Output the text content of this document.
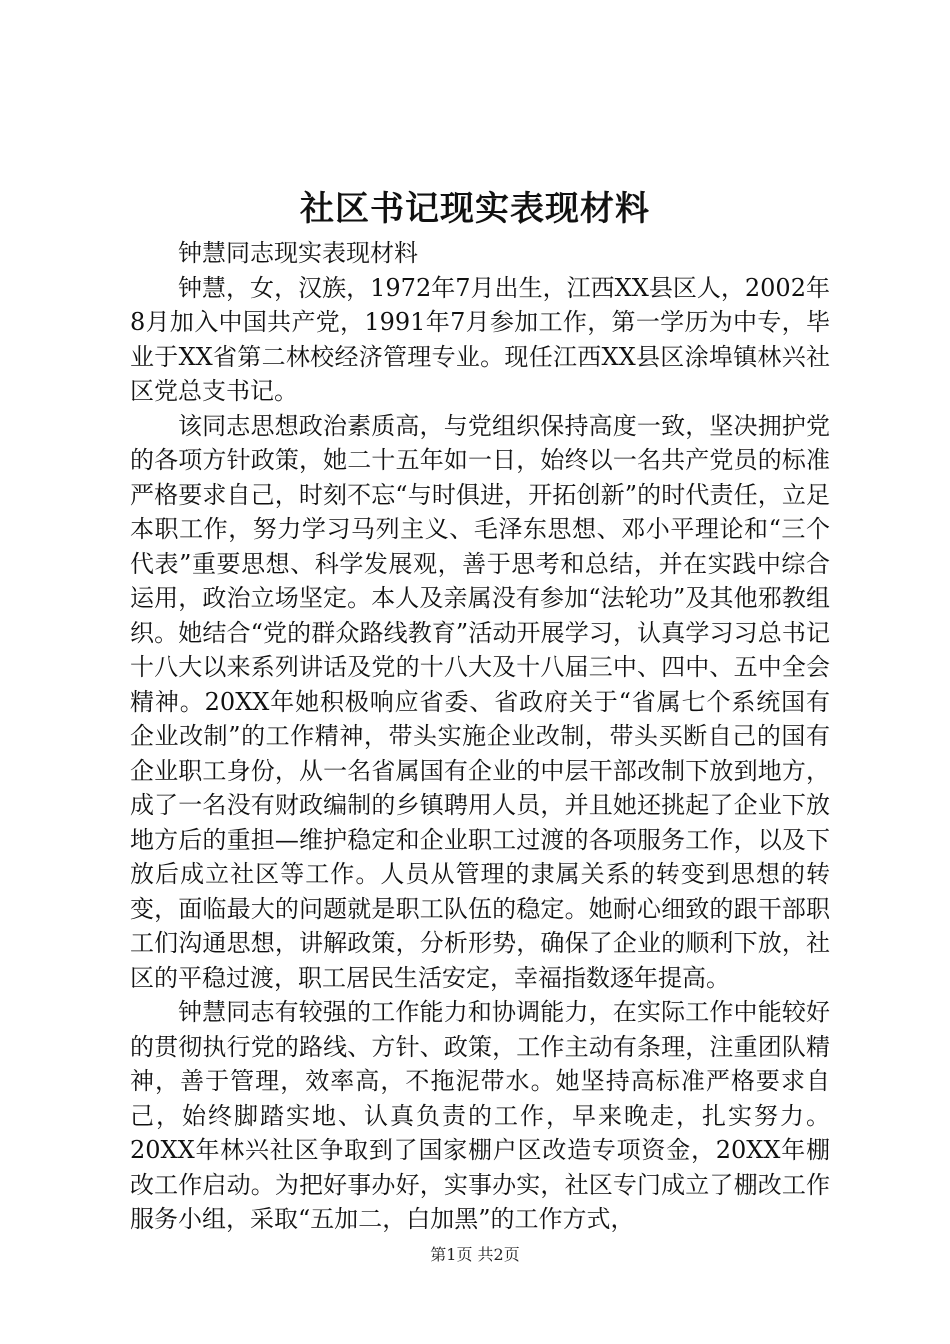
社区书记现实表现材料

钟慧同志现实表现材料

钟慧，女，汉族，1972年7月出生，江西XX县区人，2002年8月加入中国共产党，1991年7月参加工作，第一学历为中专，毕业于XX省第二林校经济管理专业。现任江西XX县区涂埠镇林兴社区党总支书记。

该同志思想政治素质高，与党组织保持高度一致，坚决拥护党的各项方针政策，她二十五年如一日，始终以一名共产党员的标准严格要求自己，时刻不忘“与时俱进，开拓创新”的时代责任，立足本职工作，努力学习马列主义、毛泽东思想、邓小平理论和“三个代表”重要思想、科学发展观，善于思考和总结，并在实践中综合运用，政治立场坚定。本人及亲属没有参加“法轮功”及其他邪教组织。她结合“党的群众路线教育”活动开展学习，认真学习习总书记十八大以来系列讲话及党的十八大及十八届三中、四中、五中全会精神。20XX年她积极响应省委、省政府关于“省属七个系统国有企业改制”的工作精神，带头实施企业改制，带头买断自己的国有企业职工身份，从一名省属国有企业的中层干部改制下放到地方，成了一名没有财政编制的乡镇聘用人员，并且她还挑起了企业下放地方后的重担—维护稳定和企业职工过渡的各项服务工作，以及下放后成立社区等工作。人员从管理的隶属关系的转变到思想的转变，面临最大的问题就是职工队伍的稳定。她耐心细致的跟干部职工们沟通思想，讲解政策，分析形势，确保了企业的顺利下放，社区的平稳过渡，职工居民生活安定，幸福指数逐年提高。

钟慧同志有较强的工作能力和协调能力，在实际工作中能较好的贯彻执行党的路线、方针、政策，工作主动有条理，注重团队精神，善于管理，效率高，不拖泥带水。她坚持高标准严格要求自己，始终脚踏实地、认真负责的工作，早来晚走，扎实努力。20XX年林兴社区争取到了国家棚户区改造专项资金，20XX年棚改工作启动。为把好事办好，实事办实，社区专门成立了棚改工作服务小组，采取“五加二，白加黑”的工作方式，

第1页 共2页
